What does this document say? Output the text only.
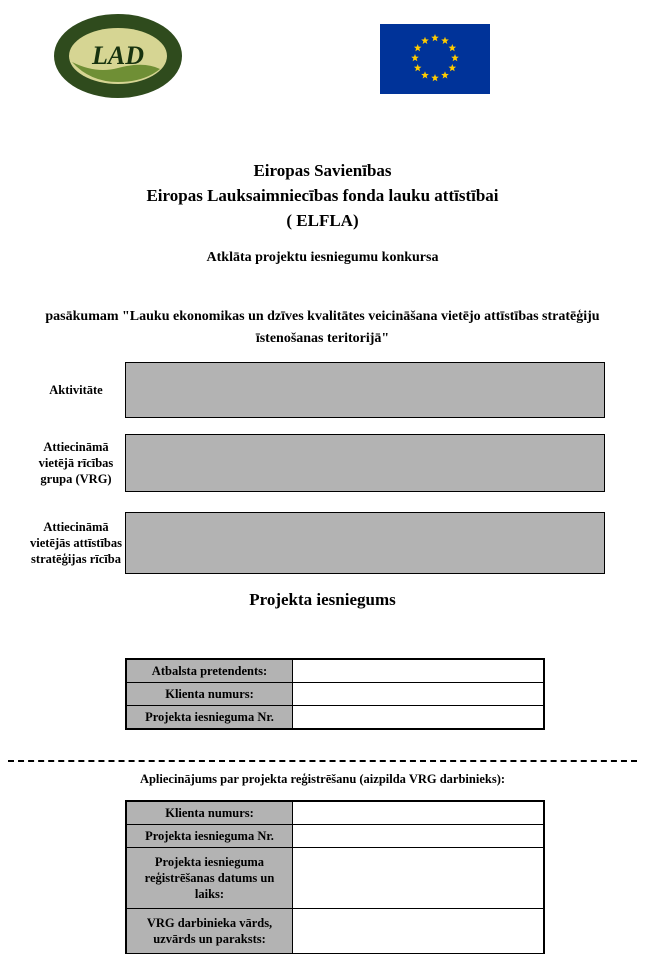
LAD
Eiropas Savienības
Eiropas Lauksaimniecības fonda lauku attīstībai
( ELFLA)
Atklāta projektu iesniegumu konkursa
pasākumam "Lauku ekonomikas un dzīves kvalitātes veicināšana vietējo attīstības stratēģiju īstenošanas teritorijā"
Aktivitāte
Attiecināmā vietējā rīcības grupa (VRG)
Attiecināmā vietējās attīstības stratēģijas rīcība
Projekta iesniegums
Atbalsta pretendents:	
Klienta numurs:	
Projekta iesnieguma Nr.	
Apliecinājums par projekta reģistrēšanu (aizpilda VRG darbinieks):
Klienta numurs:	
Projekta iesnieguma Nr.	
Projekta iesnieguma reģistrēšanas datums un laiks:	
VRG darbinieka vārds, uzvārds un paraksts:	
